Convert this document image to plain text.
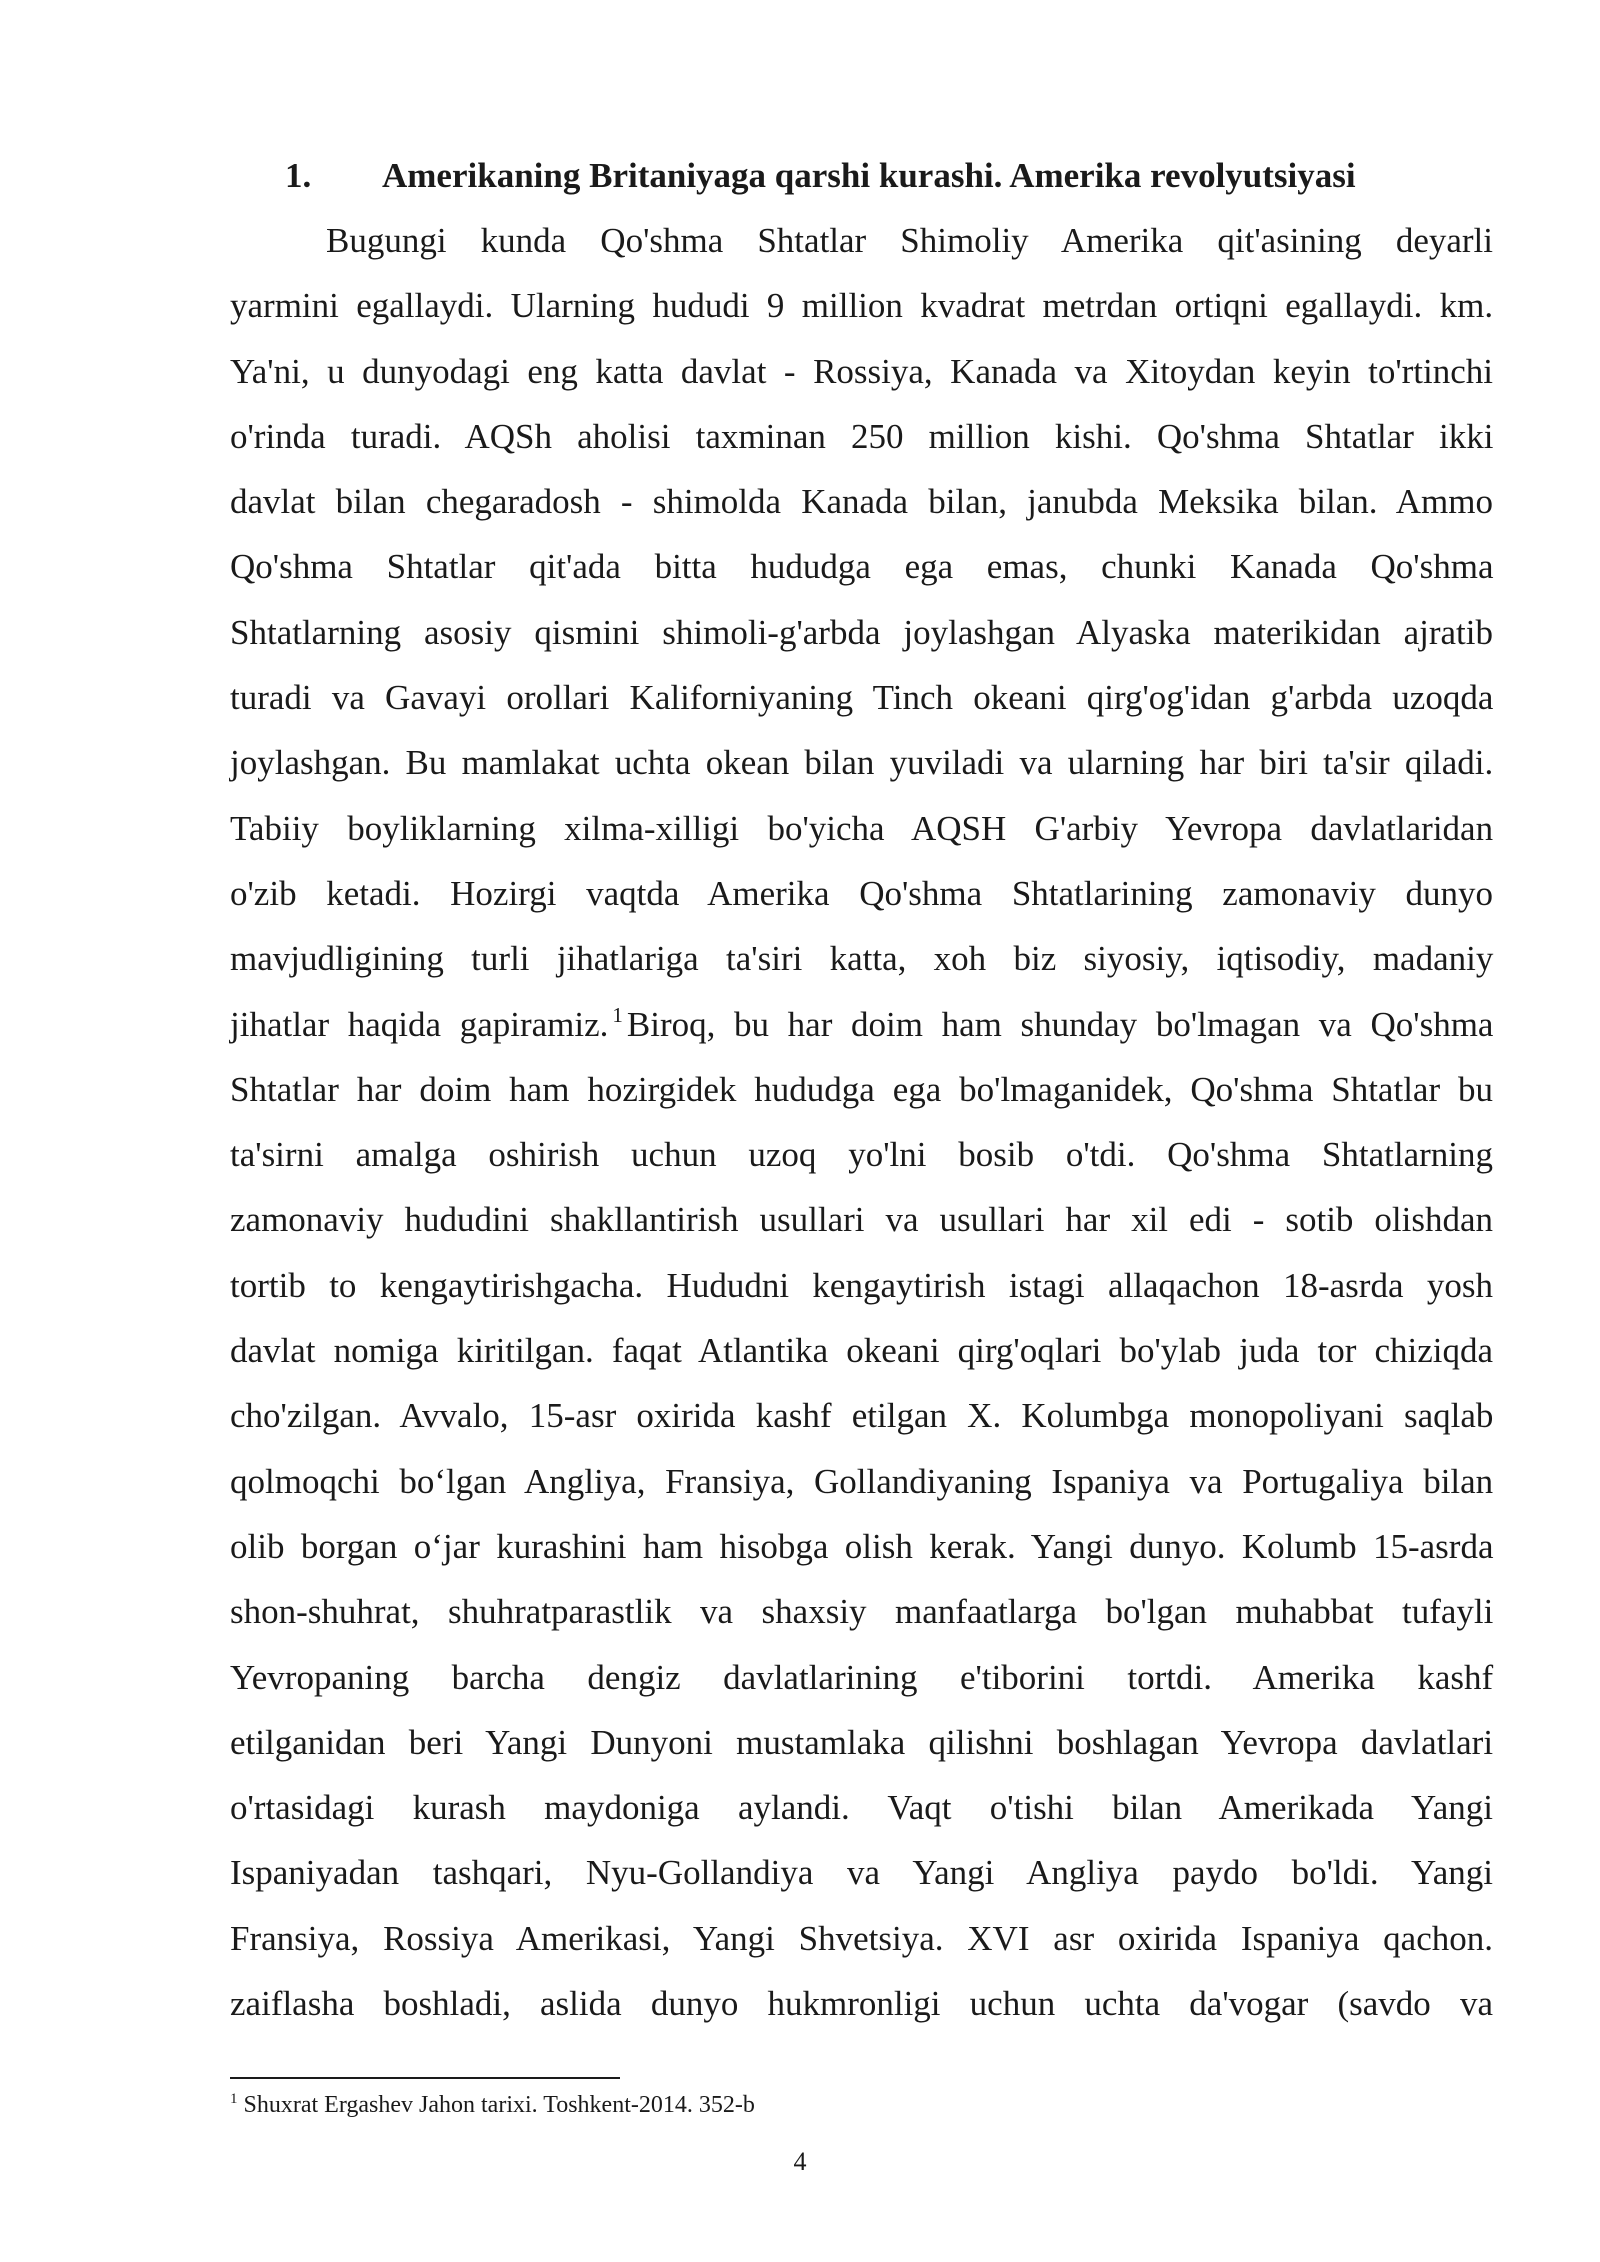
1. Amerikaning Britaniyaga qarshi kurashi. Amerika revolyutsiyasi
Bugungi kunda Qo'shma Shtatlar Shimoliy Amerika qit'asining deyarli
yarmini egallaydi. Ularning hududi 9 million kvadrat metrdan ortiqni egallaydi. km.
Ya'ni, u dunyodagi eng katta davlat - Rossiya, Kanada va Xitoydan keyin to'rtinchi
o'rinda turadi. AQSh aholisi taxminan 250 million kishi. Qo'shma Shtatlar ikki
davlat bilan chegaradosh - shimolda Kanada bilan, janubda Meksika bilan. Ammo
Qo'shma Shtatlar qit'ada bitta hududga ega emas, chunki Kanada Qo'shma
Shtatlarning asosiy qismini shimoli-g'arbda joylashgan Alyaska materikidan ajratib
turadi va Gavayi orollari Kaliforniyaning Tinch okeani qirg'og'idan g'arbda uzoqda
joylashgan. Bu mamlakat uchta okean bilan yuviladi va ularning har biri ta'sir qiladi.
Tabiiy boyliklarning xilma-xilligi bo'yicha AQSH G'arbiy Yevropa davlatlaridan
o'zib ketadi. Hozirgi vaqtda Amerika Qo'shma Shtatlarining zamonaviy dunyo
mavjudligining turli jihatlariga ta'siri katta, xoh biz siyosiy, iqtisodiy, madaniy
jihatlar haqida gapiramiz. $^1$ Biroq, bu har doim ham shunday bo'lmagan va Qo'shma
Shtatlar har doim ham hozirgidek hududga ega bo'lmaganidek, Qo'shma Shtatlar bu
ta'sirni amalga oshirish uchun uzoq yo'lni bosib o'tdi. Qo'shma Shtatlarning
zamonaviy hududini shakllantirish usullari va usullari har xil edi - sotib olishdan
tortib to kengaytirishgacha. Hududni kengaytirish istagi allaqachon 18-asrda yosh
davlat nomiga kiritilgan. faqat Atlantika okeani qirg'oqlari bo'ylab juda tor chiziqda
cho'zilgan. Avvalo, 15-asr oxirida kashf etilgan X. Kolumbga monopoliyani saqlab
qolmoqchi bo‘lgan Angliya, Fransiya, Gollandiyaning Ispaniya va Portugaliya bilan
olib borgan o‘jar kurashini ham hisobga olish kerak. Yangi dunyo. Kolumb 15-asrda
shon-shuhrat, shuhratparastlik va shaxsiy manfaatlarga bo'lgan muhabbat tufayli
Yevropaning barcha dengiz davlatlarining e'tiborini tortdi. Amerika kashf
etilganidan beri Yangi Dunyoni mustamlaka qilishni boshlagan Yevropa davlatlari
o'rtasidagi kurash maydoniga aylandi. Vaqt o'tishi bilan Amerikada Yangi
Ispaniyadan tashqari, Nyu-Gollandiya va Yangi Angliya paydo bo'ldi. Yangi
Fransiya, Rossiya Amerikasi, Yangi Shvetsiya. XVI asr oxirida Ispaniya qachon.
zaiflasha boshladi, aslida dunyo hukmronligi uchun uchta da'vogar (savdo va
$^1$ Shuxrat Ergashev Jahon tarixi. Toshkent-2014. 352-b
4
